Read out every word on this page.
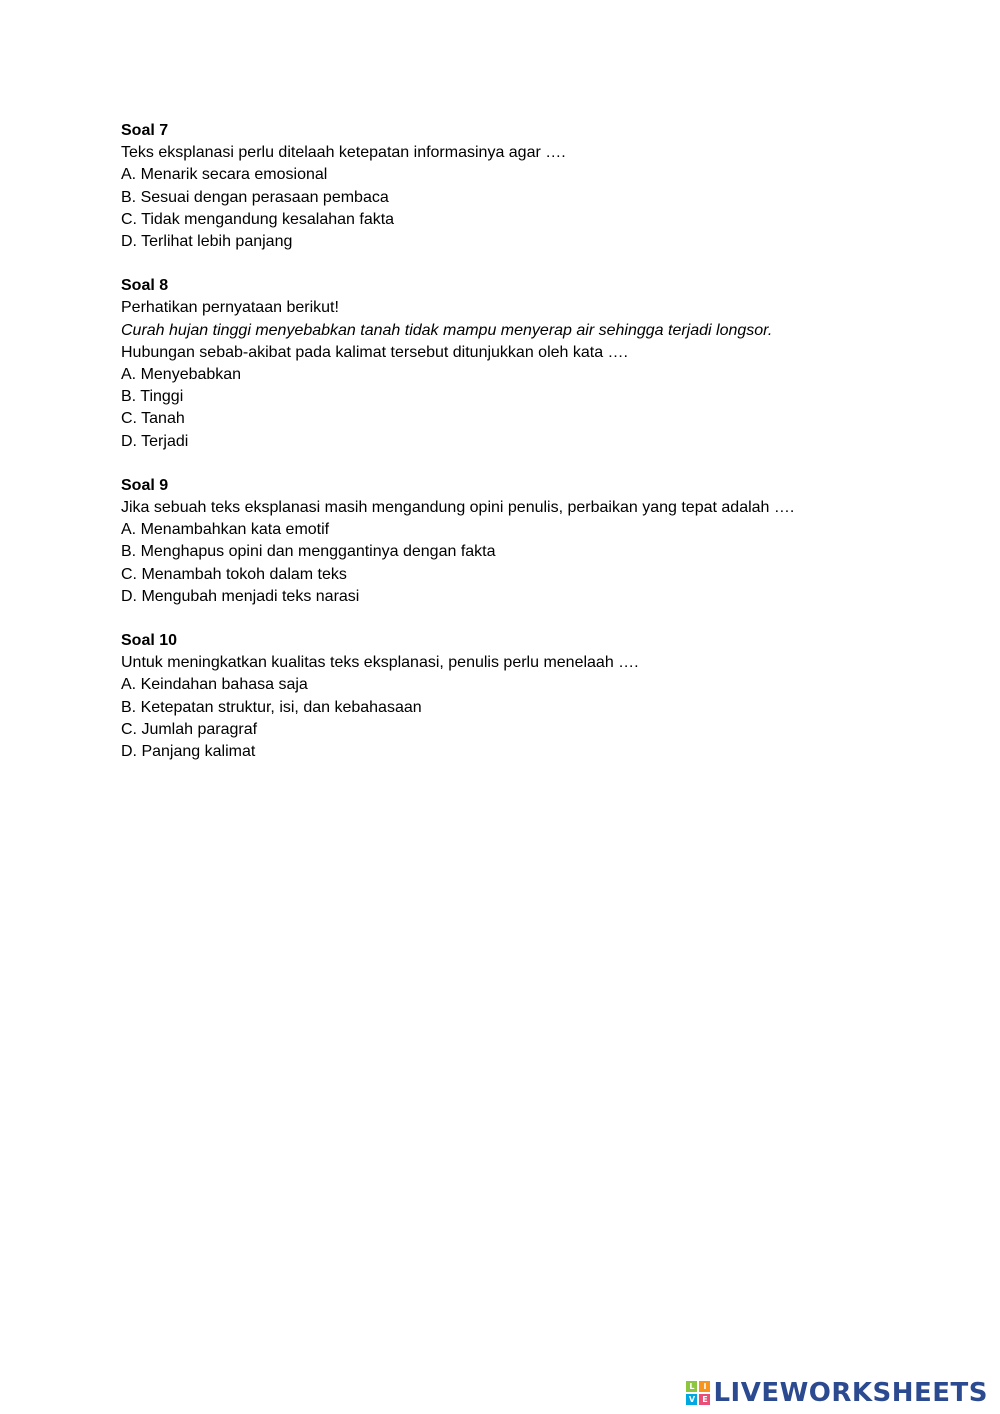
Soal 7
Teks eksplanasi perlu ditelaah ketepatan informasinya agar ….
A. Menarik secara emosional
B. Sesuai dengan perasaan pembaca
C. Tidak mengandung kesalahan fakta
D. Terlihat lebih panjang
Soal 8
Perhatikan pernyataan berikut!
Curah hujan tinggi menyebabkan tanah tidak mampu menyerap air sehingga terjadi longsor.
Hubungan sebab-akibat pada kalimat tersebut ditunjukkan oleh kata ….
A. Menyebabkan
B. Tinggi
C. Tanah
D. Terjadi
Soal 9
Jika sebuah teks eksplanasi masih mengandung opini penulis, perbaikan yang tepat adalah ….
A. Menambahkan kata emotif
B. Menghapus opini dan menggantinya dengan fakta
C. Menambah tokoh dalam teks
D. Mengubah menjadi teks narasi
Soal 10
Untuk meningkatkan kualitas teks eksplanasi, penulis perlu menelaah ….
A. Keindahan bahasa saja
B. Ketepatan struktur, isi, dan kebahasaan
C. Jumlah paragraf
D. Panjang kalimat
L	I
V E LIVEWORKSHEETS
